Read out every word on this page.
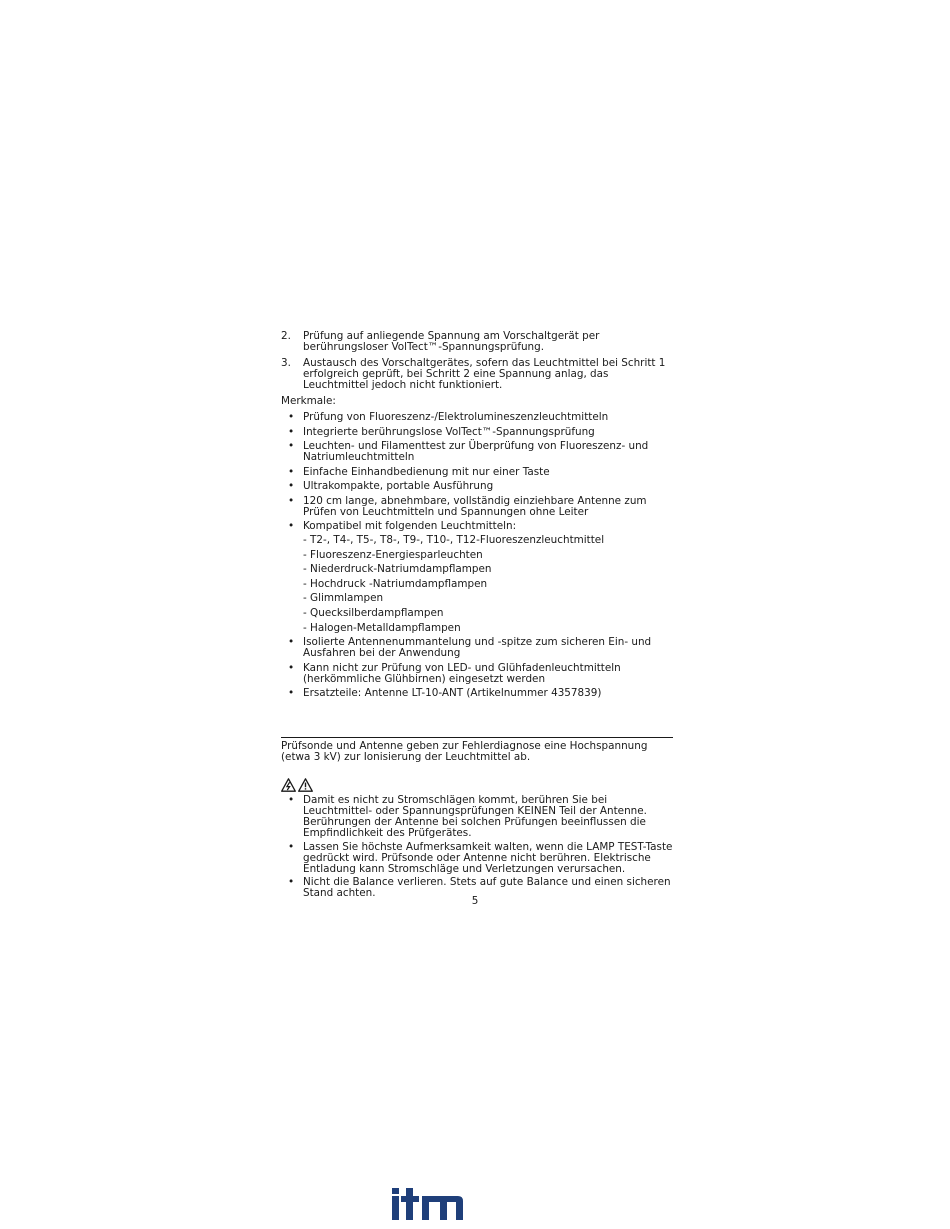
2. Prüfung auf anliegende Spannung am Vorschaltgerät per berührungsloser VolTect™-Spannungsprüfung.
3. Austausch des Vorschaltgerätes, sofern das Leuchtmittel bei Schritt 1 erfolgreich geprüft, bei Schritt 2 eine Spannung anlag, das Leuchtmittel jedoch nicht funktioniert.
Merkmale:
• Prüfung von Fluoreszenz-/Elektrolumineszenzleuchtmitteln
• Integrierte berührungslose VolTect™-Spannungsprüfung
• Leuchten- und Filamenttest zur Überprüfung von Fluoreszenz- und Natriumleuchtmitteln
• Einfache Einhandbedienung mit nur einer Taste
• Ultrakompakte, portable Ausführung
• 120 cm lange, abnehmbare, vollständig einziehbare Antenne zum Prüfen von Leuchtmitteln und Spannungen ohne Leiter
• Kompatibel mit folgenden Leuchtmitteln:
- T2-, T4-, T5-, T8-, T9-, T10-, T12-Fluoreszenzleuchtmittel
- Fluoreszenz-Energiesparleuchten
- Niederdruck-Natriumdampflampen
- Hochdruck -Natriumdampflampen
- Glimmlampen
- Quecksilberdampflampen
- Halogen-Metalldampflampen
• Isolierte Antennenummantelung und -spitze zum sicheren Ein- und Ausfahren bei der Anwendung
• Kann nicht zur Prüfung von LED- und Glühfadenleuchtmitteln (herkömmliche Glühbirnen) eingesetzt werden
• Ersatzteile: Antenne LT-10-ANT (Artikelnummer 4357839)

Prüfsonde und Antenne geben zur Fehlerdiagnose eine Hochspannung (etwa 3 kV) zur Ionisierung der Leuchtmittel ab.

• Damit es nicht zu Stromschlägen kommt, berühren Sie bei Leuchtmittel- oder Spannungsprüfungen KEINEN Teil der Antenne. Berührungen der Antenne bei solchen Prüfungen beeinflussen die Empfindlichkeit des Prüfgerätes.
• Lassen Sie höchste Aufmerksamkeit walten, wenn die LAMP TEST-Taste gedrückt wird. Prüfsonde oder Antenne nicht berühren. Elektrische Entladung kann Stromschläge und Verletzungen verursachen.
• Nicht die Balance verlieren. Stets auf gute Balance und einen sicheren Stand achten.
5
